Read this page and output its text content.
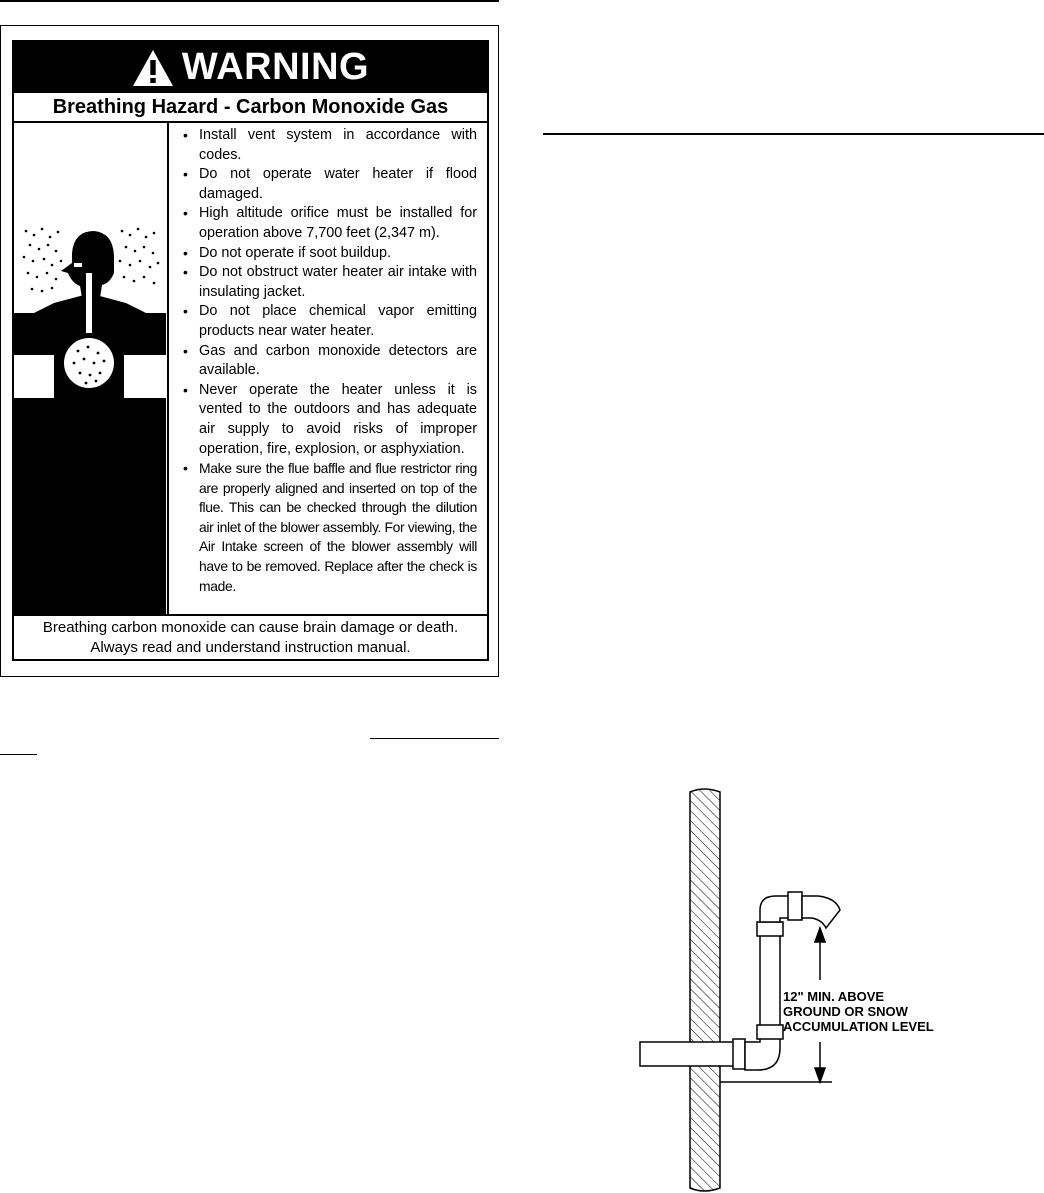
WARNING
Breathing Hazard - Carbon Monoxide Gas
• Install vent system in accordance with codes.
• Do not operate water heater if flood damaged.
• High altitude orifice must be installed for operation above 7,700 feet (2,347 m).
• Do not operate if soot buildup.
• Do not obstruct water heater air intake with insulating jacket.
• Do not place chemical vapor emitting products near water heater.
• Gas and carbon monoxide detectors are available.
• Never operate the heater unless it is vented to the outdoors and has adequate air supply to avoid risks of improper operation, fire, explosion, or asphyxiation.
• Make sure the flue baffle and flue restrictor ring are properly aligned and inserted on top of the flue. This can be checked through the dilution air inlet of the blower assembly. For viewing, the Air Intake screen of the blower assembly will have to be removed. Replace after the check is made.
Breathing carbon monoxide can cause brain damage or death.
Always read and understand instruction manual.
12" MIN. ABOVE
GROUND OR SNOW
ACCUMULATION LEVEL
